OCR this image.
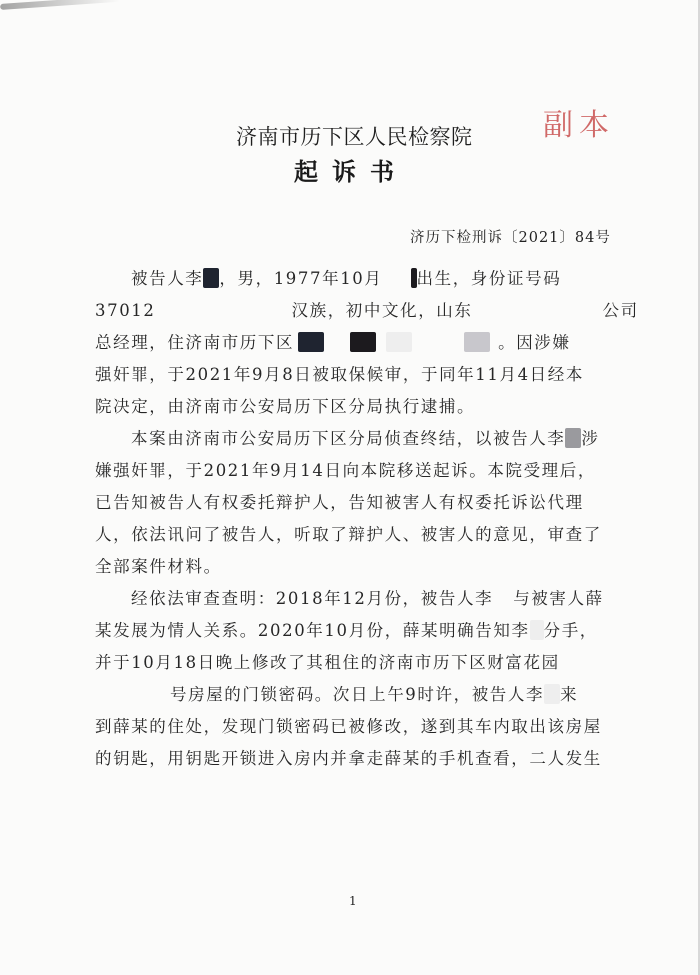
副本
济南市历下区人民检察院
起诉书
济历下检刑诉〔2021〕84号
被告人李 ，男，1977年10月 出生，身份证号码
37012	汉族，初中文化，山东	公司
总经理，住济南市历下区	。因涉嫌
强奸罪，于2021年9月8日被取保候审，于同年11月4日经本
院决定，由济南市公安局历下区分局执行逮捕。
本案由济南市公安局历下区分局侦查终结，以被告人李 涉
嫌强奸罪，于2021年9月14日向本院移送起诉。本院受理后，
已告知被告人有权委托辩护人，告知被害人有权委托诉讼代理
人，依法讯问了被告人，听取了辩护人、被害人的意见，审查了
全部案件材料。
经依法审查查明：2018年12月份，被告人李 与被害人薛
某发展为情人关系。2020年10月份，薛某明确告知李 分手，
并于10月18日晚上修改了其租住的济南市历下区财富花园
号房屋的门锁密码。次日上午9时许，被告人李 来
到薛某的住处，发现门锁密码已被修改，遂到其车内取出该房屋
的钥匙，用钥匙开锁进入房内并拿走薛某的手机查看，二人发生
1
